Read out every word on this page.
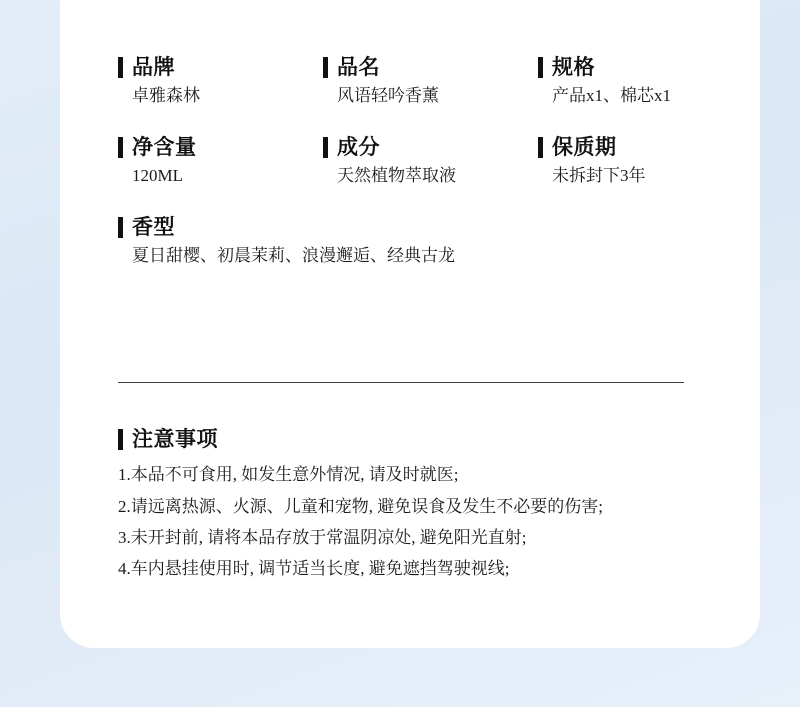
品牌
卓雅森林
品名
风语轻吟香薰
规格
产品x1、棉芯x1
净含量
120ML
成分
天然植物萃取液
保质期
未拆封下3年
香型
夏日甜樱、初晨茉莉、浪漫邂逅、经典古龙
注意事项
1.本品不可食用, 如发生意外情况, 请及时就医;
2.请远离热源、火源、儿童和宠物, 避免误食及发生不必要的伤害;
3.未开封前, 请将本品存放于常温阴凉处, 避免阳光直射;
4.车内悬挂使用时, 调节适当长度, 避免遮挡驾驶视线;
